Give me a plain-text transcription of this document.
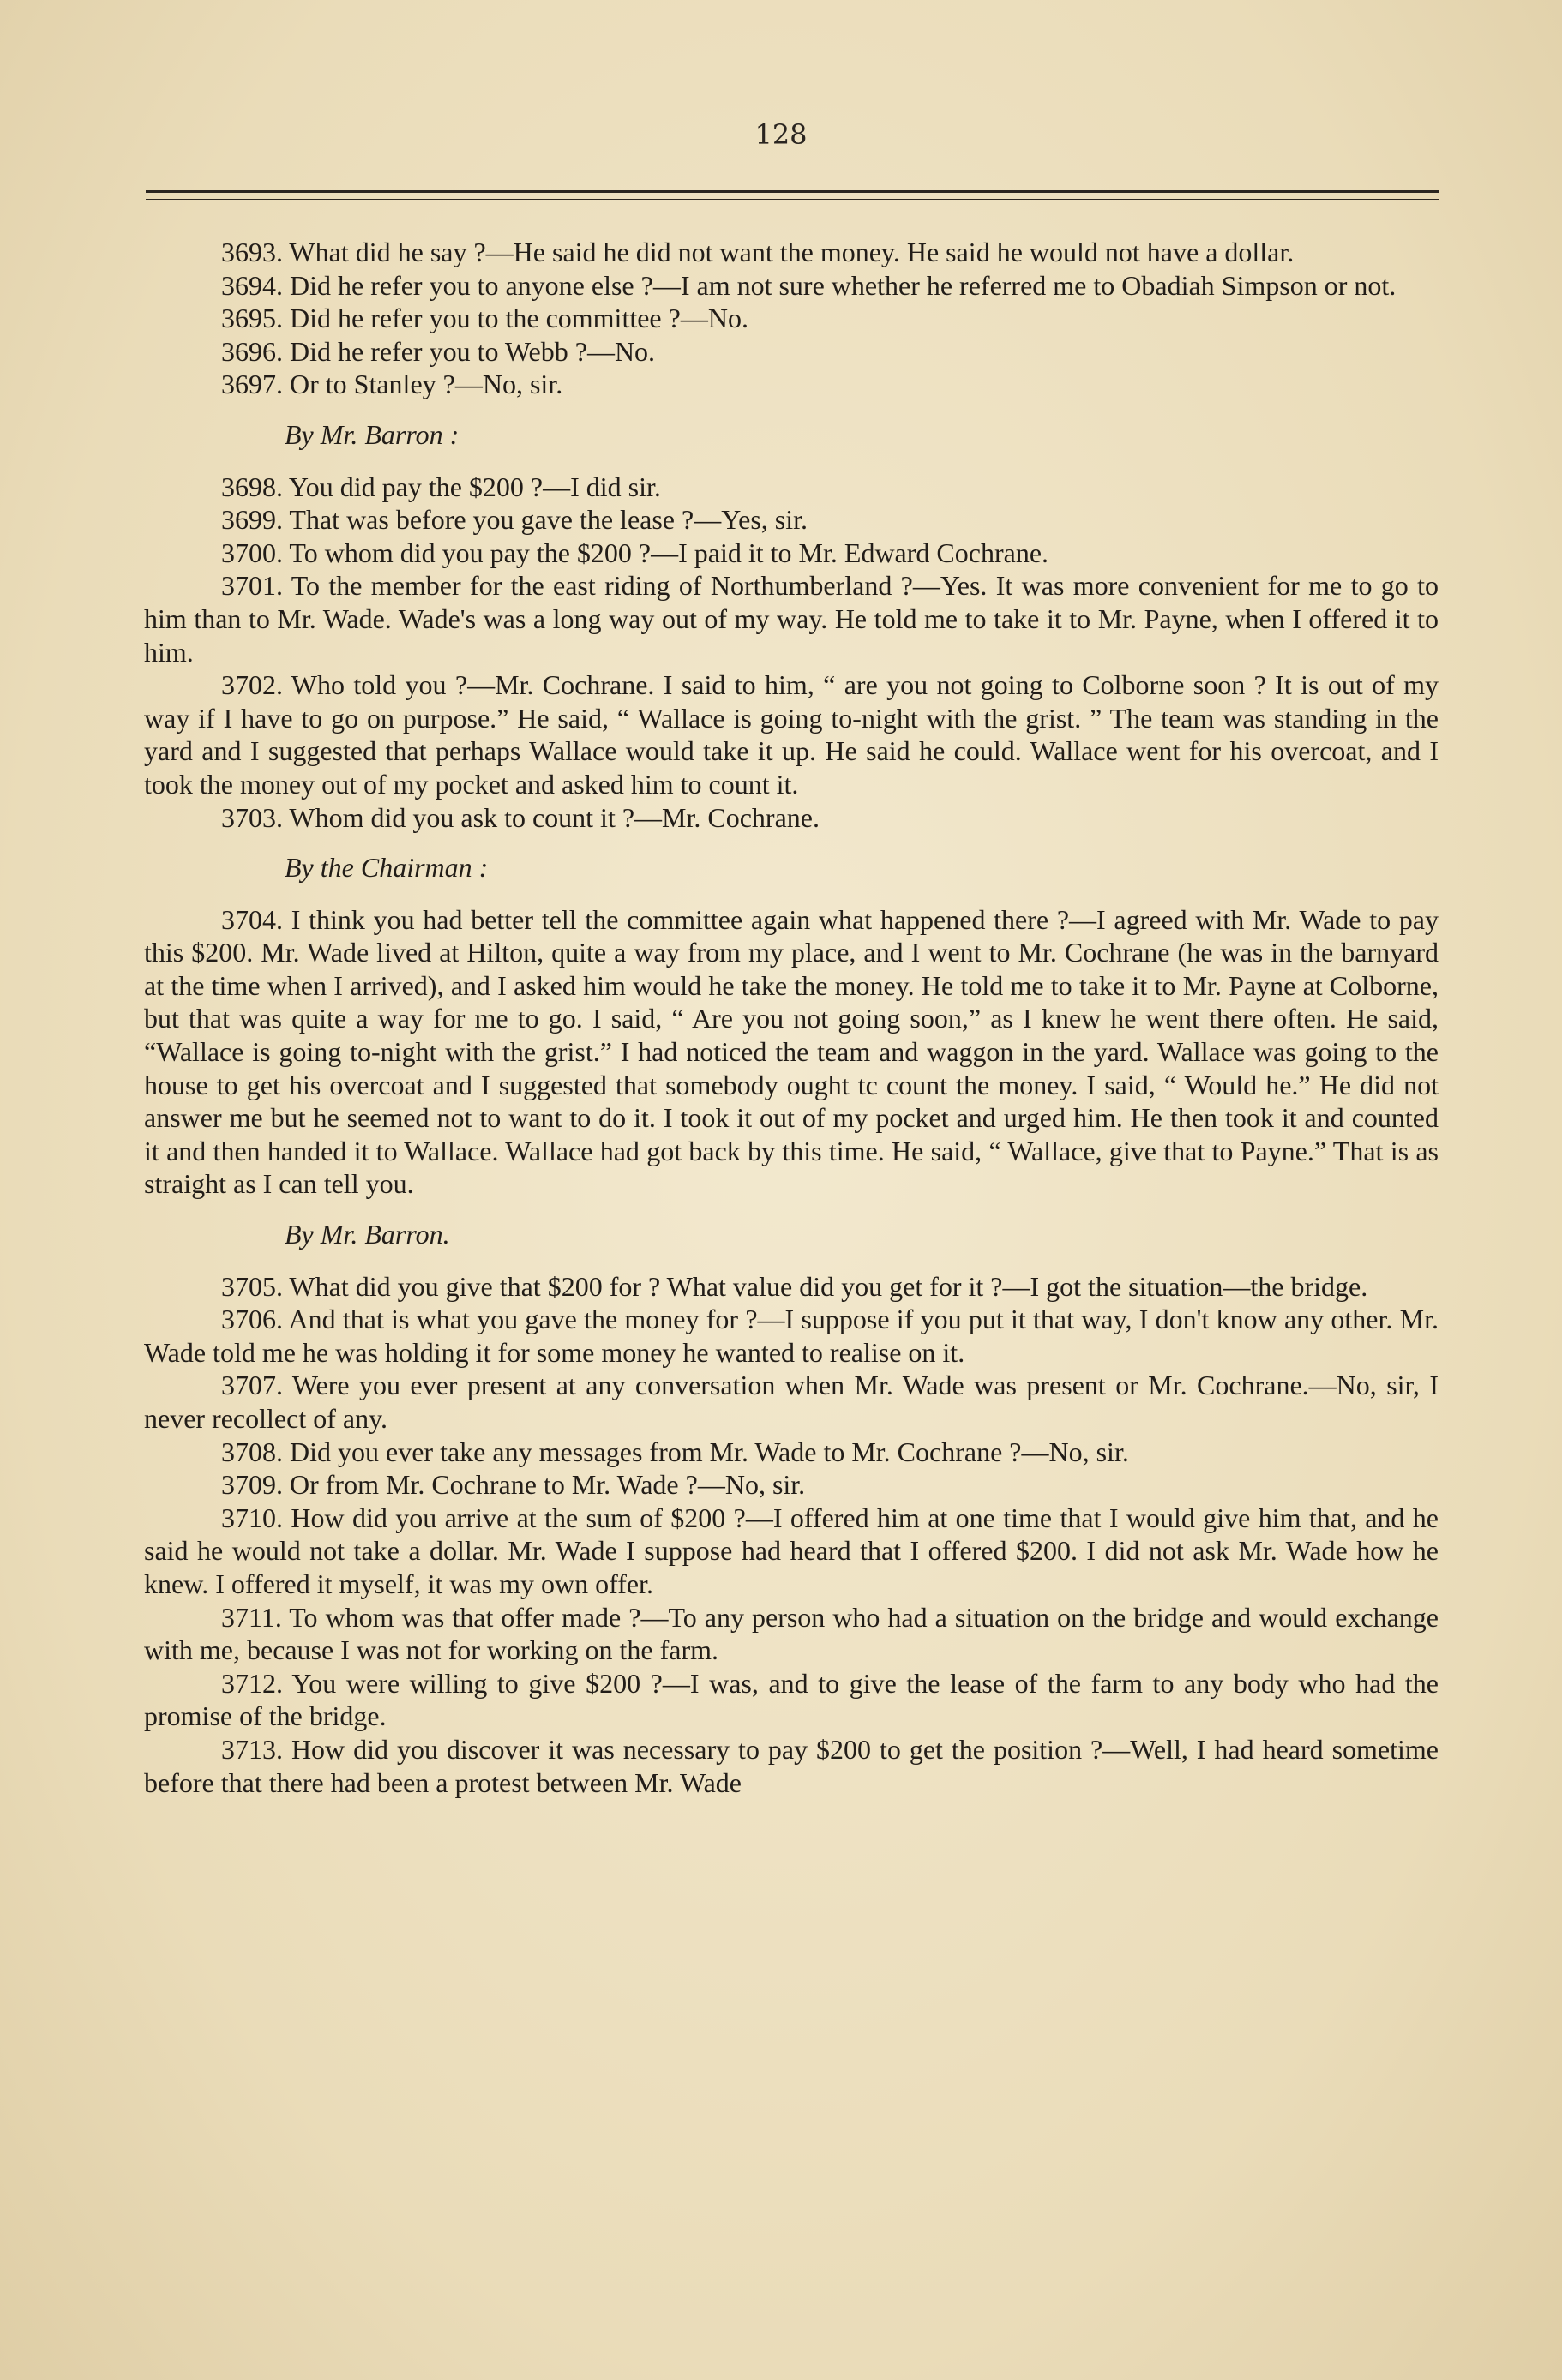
128

3693. What did he say ?—He said he did not want the money. He said he would not have a dollar.

3694. Did he refer you to anyone else ?—I am not sure whether he referred me to Obadiah Simpson or not.

3695. Did he refer you to the committee ?—No.

3696. Did he refer you to Webb ?—No.

3697. Or to Stanley ?—No, sir.

By Mr. Barron :

3698. You did pay the $200 ?—I did sir.

3699. That was before you gave the lease ?—Yes, sir.

3700. To whom did you pay the $200 ?—I paid it to Mr. Edward Cochrane.

3701. To the member for the east riding of Northumberland ?—Yes. It was more convenient for me to go to him than to Mr. Wade. Wade's was a long way out of my way. He told me to take it to Mr. Payne, when I offered it to him.

3702. Who told you ?—Mr. Cochrane. I said to him, “ are you not going to Colborne soon ? It is out of my way if I have to go on purpose.” He said, “ Wallace is going to-night with the grist. ” The team was standing in the yard and I suggested that perhaps Wallace would take it up. He said he could. Wallace went for his overcoat, and I took the money out of my pocket and asked him to count it.

3703. Whom did you ask to count it ?—Mr. Cochrane.

By the Chairman :

3704. I think you had better tell the committee again what happened there ?—I agreed with Mr. Wade to pay this $200. Mr. Wade lived at Hilton, quite a way from my place, and I went to Mr. Cochrane (he was in the barnyard at the time when I arrived), and I asked him would he take the money. He told me to take it to Mr. Payne at Colborne, but that was quite a way for me to go. I said, “ Are you not going soon,” as I knew he went there often. He said, “Wallace is going to-night with the grist.” I had noticed the team and waggon in the yard. Wallace was going to the house to get his overcoat and I suggested that somebody ought tc count the money. I said, “ Would he.” He did not answer me but he seemed not to want to do it. I took it out of my pocket and urged him. He then took it and counted it and then handed it to Wallace. Wallace had got back by this time. He said, “ Wallace, give that to Payne.” That is as straight as I can tell you.

By Mr. Barron.

3705. What did you give that $200 for ? What value did you get for it ?—I got the situation—the bridge.

3706. And that is what you gave the money for ?—I suppose if you put it that way, I don't know any other. Mr. Wade told me he was holding it for some money he wanted to realise on it.

3707. Were you ever present at any conversation when Mr. Wade was present or Mr. Cochrane.—No, sir, I never recollect of any.

3708. Did you ever take any messages from Mr. Wade to Mr. Cochrane ?—No, sir.

3709. Or from Mr. Cochrane to Mr. Wade ?—No, sir.

3710. How did you arrive at the sum of $200 ?—I offered him at one time that I would give him that, and he said he would not take a dollar. Mr. Wade I suppose had heard that I offered $200. I did not ask Mr. Wade how he knew. I offered it myself, it was my own offer.

3711. To whom was that offer made ?—To any person who had a situation on the bridge and would exchange with me, because I was not for working on the farm.

3712. You were willing to give $200 ?—I was, and to give the lease of the farm to any body who had the promise of the bridge.

3713. How did you discover it was necessary to pay $200 to get the position ?—Well, I had heard sometime before that there had been a protest between Mr. Wade
